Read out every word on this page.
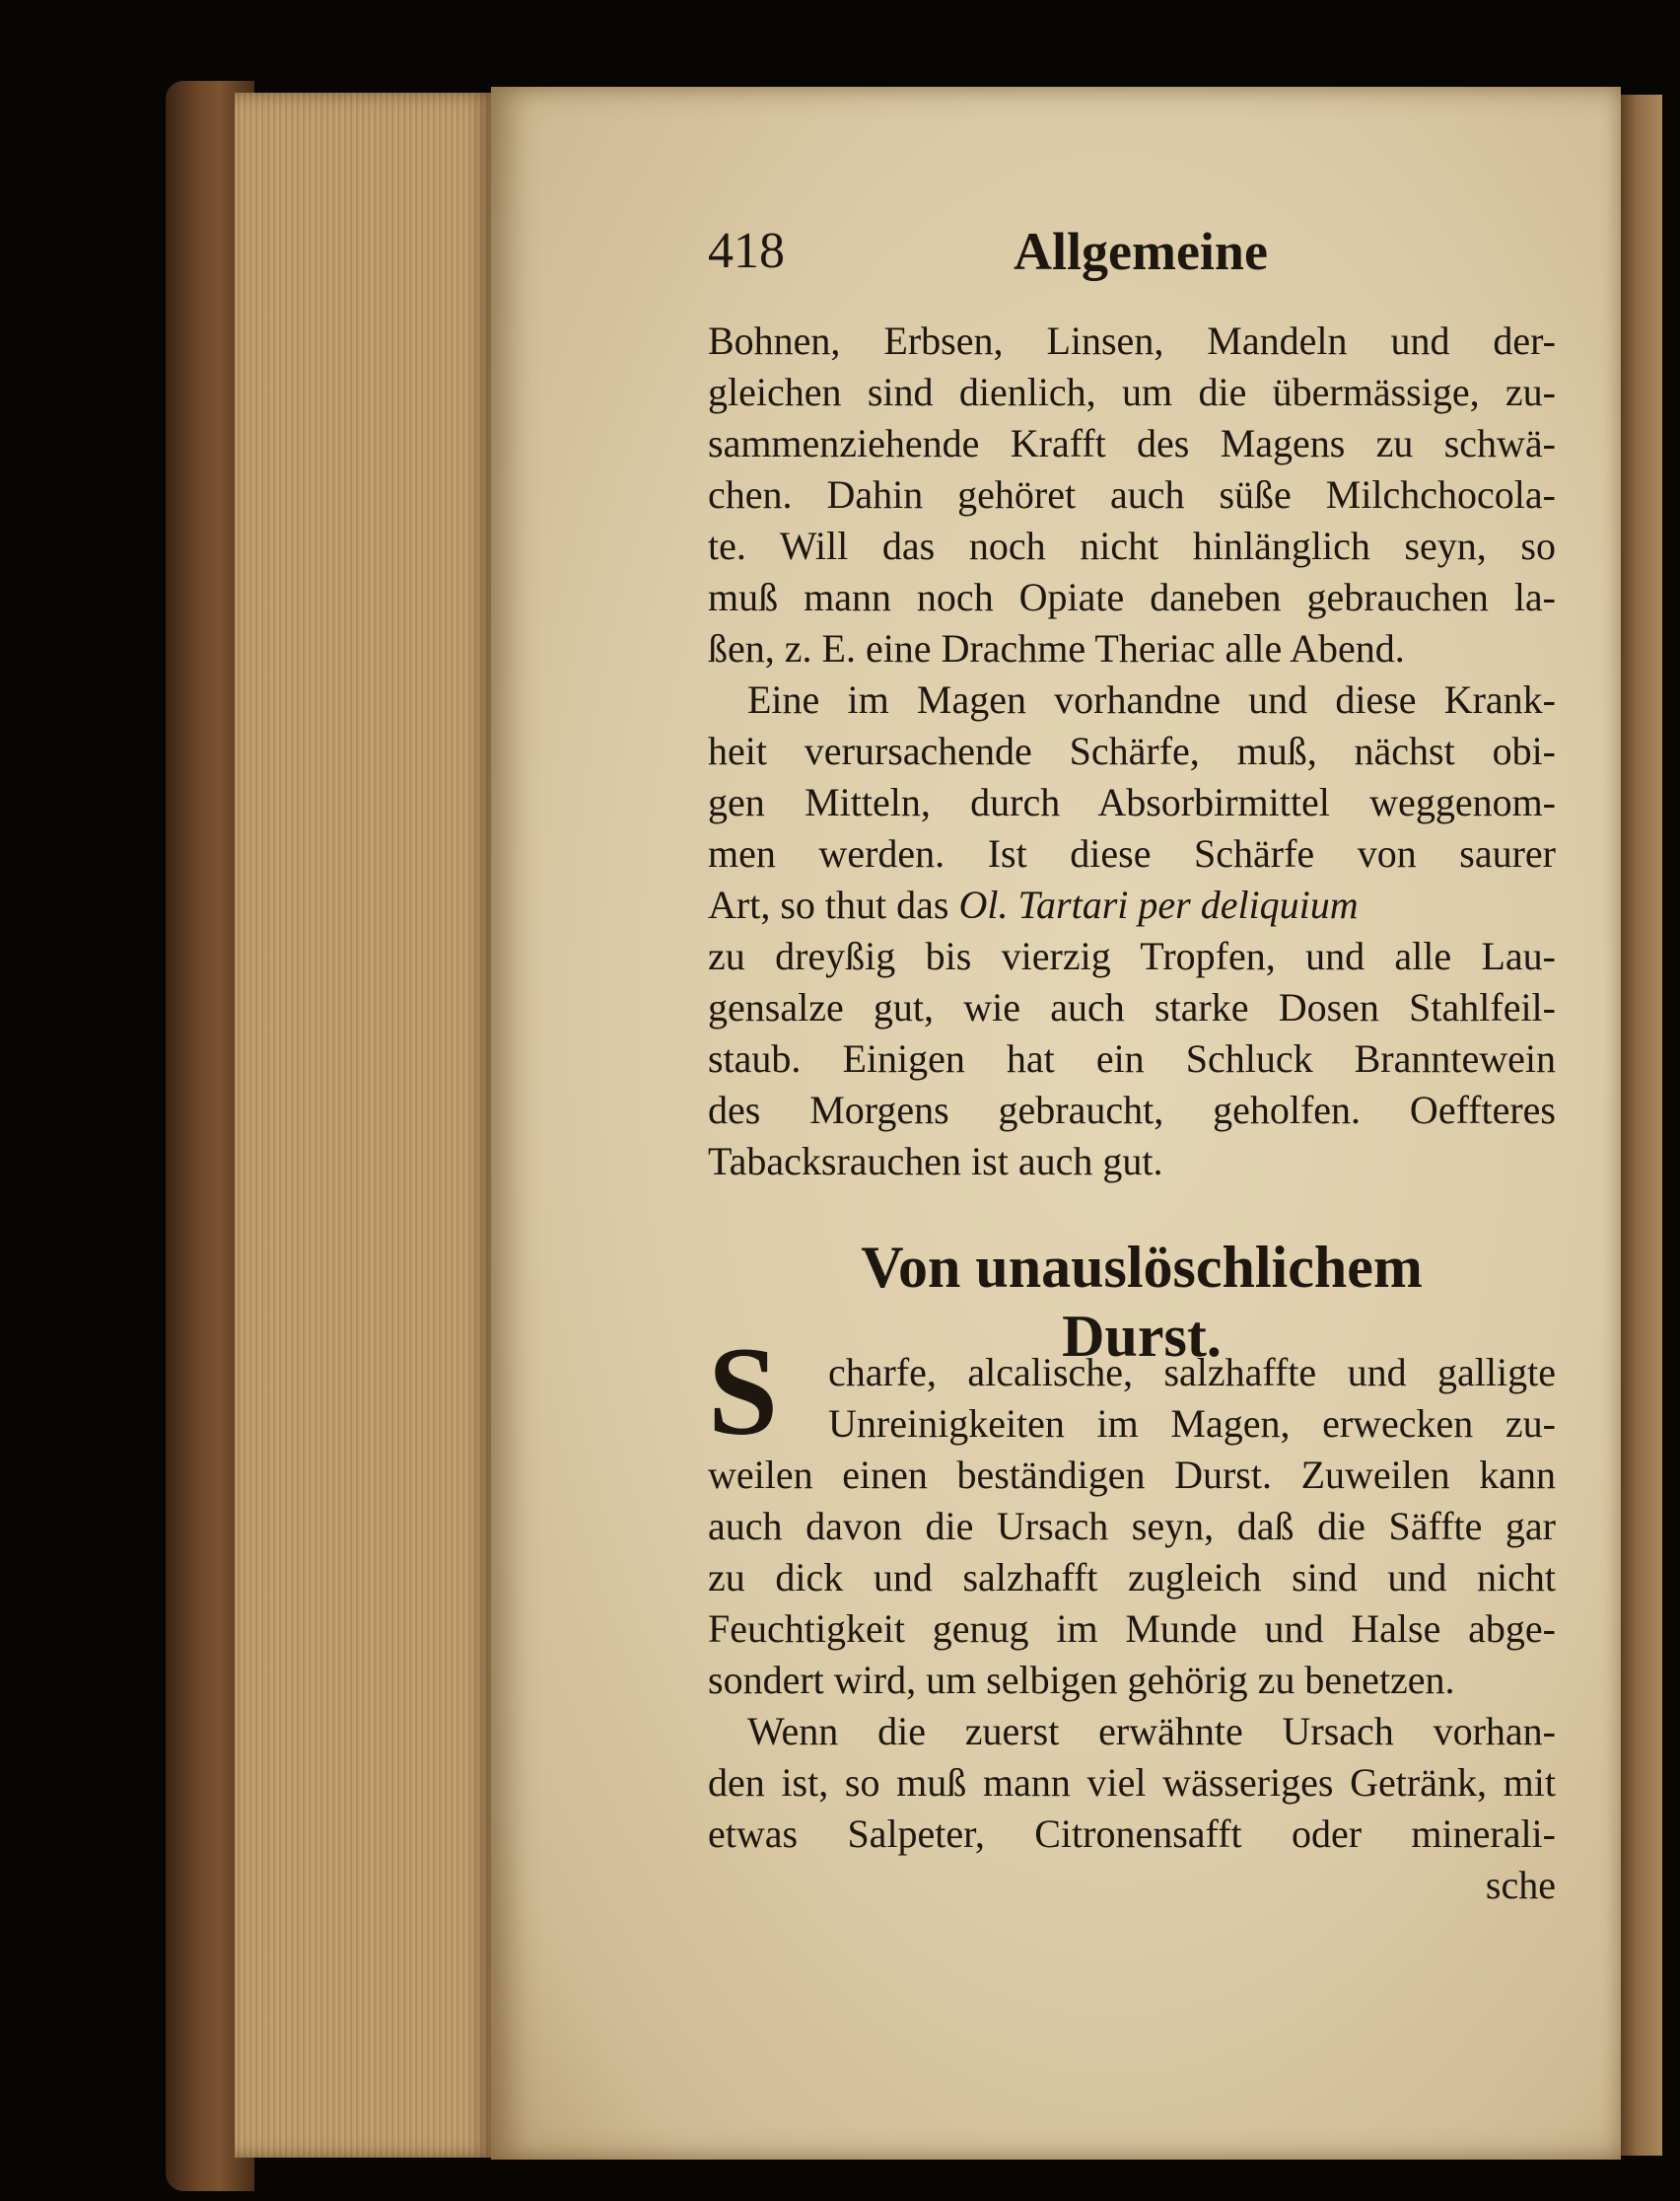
418	Allgemeine
Bohnen, Erbsen, Linsen, Mandeln und der-
gleichen sind dienlich, um die übermässige, zu-
sammenziehende Krafft des Magens zu schwä-
chen. Dahin gehöret auch süße Milchchocola-
te. Will das noch nicht hinlänglich seyn, so
muß mann noch Opiate daneben gebrauchen la-
ßen, z. E. eine Drachme Theriac alle Abend.
Eine im Magen vorhandne und diese Krank-
heit verursachende Schärfe, muß, nächst obi-
gen Mitteln, durch Absorbirmittel weggenom-
men werden. Ist diese Schärfe von saurer
Art, so thut das Ol. Tartari per deliquium
zu dreyßig bis vierzig Tropfen, und alle Lau-
gensalze gut, wie auch starke Dosen Stahlfeil-
staub. Einigen hat ein Schluck Branntewein
des Morgens gebraucht, geholfen. Oeffteres
Tabacksrauchen ist auch gut.
Von unauslöschlichem Durst.
S	charfe, alcalische, salzhaffte und galligte
Unreinigkeiten im Magen, erwecken zu-
weilen einen beständigen Durst. Zuweilen kann
auch davon die Ursach seyn, daß die Säffte gar
zu dick und salzhafft zugleich sind und nicht
Feuchtigkeit genug im Munde und Halse abge-
sondert wird, um selbigen gehörig zu benetzen.
Wenn die zuerst erwähnte Ursach vorhan-
den ist, so muß mann viel wässeriges Getränk, mit
etwas Salpeter, Citronensafft oder minerali-
sche
